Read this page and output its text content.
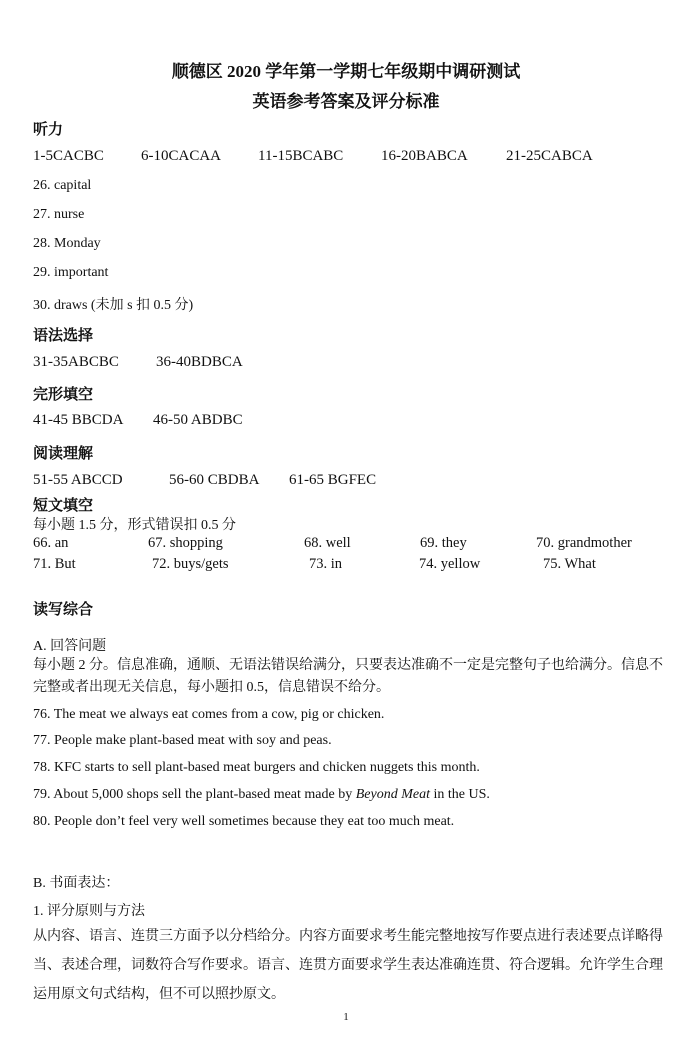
顺德区 2020 学年第一学期七年级期中调研测试
英语参考答案及评分标准
听力
1-5CACBC 6-10CACAA 11-15BCABC	16-20BABCA	21-25CABCA
26. capital
27. nurse
28. Monday
29. important
30. draws (未加 s 扣 0.5 分)
语法选择
31-35ABCBC 36-40BDBCA
完形填空
41-45 BBCDA 46-50 ABDBC
阅读理解
51-55 ABCCD	56-60 CBDBA 61-65 BGFEC
短文填空
每小题 1.5 分，形式错误扣 0.5 分
66. an	67. shopping	68. well	69. they	70. grandmother
71. But	72. buys/gets	73. in	74. yellow	75. What
读写综合
A. 回答问题
每小题 2 分。信息准确，通顺、无语法错误给满分，只要表达准确不一定是完整句子也给满分。信息不完整或者出现无关信息，每小题扣 0.5，信息错误不给分。
76. The meat we always eat comes from a cow, pig or chicken.
77. People make plant-based meat with soy and peas.
78. KFC starts to sell plant-based meat burgers and chicken nuggets this month.
79. About 5,000 shops sell the plant-based meat made by Beyond Meat in the US.
80. People don’t feel very well sometimes because they eat too much meat.
B. 书面表达：
1. 评分原则与方法
从内容、语言、连贯三方面予以分档给分。内容方面要求考生能完整地按写作要点进行表述要点详略得当、表述合理，词数符合写作要求。语言、连贯方面要求学生表达准确连贯、符合逻辑。允许学生合理运用原文句式结构，但不可以照抄原文。
1
